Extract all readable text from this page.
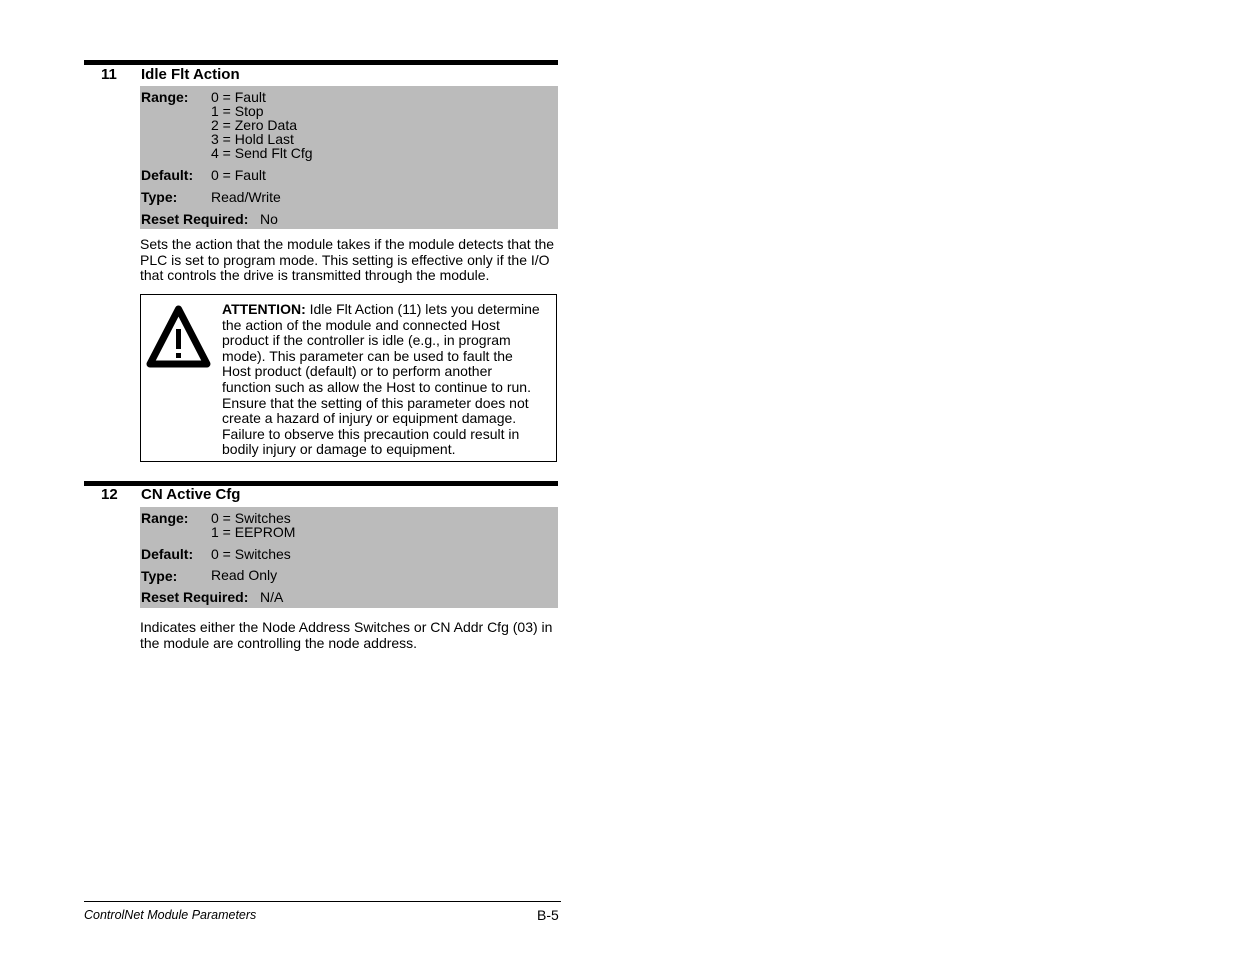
11 Idle Flt Action
Range: 0 = Fault
1 = Stop
2 = Zero Data
3 = Hold Last
4 = Send Flt Cfg
Default: 0 = Fault
Type: Read/Write
Reset Required: No
Sets the action that the module takes if the module detects that the PLC is set to program mode. This setting is effective only if the I/O that controls the drive is transmitted through the module.
ATTENTION: Idle Flt Action (11) lets you determine the action of the module and connected Host product if the controller is idle (e.g., in program mode). This parameter can be used to fault the Host product (default) or to perform another function such as allow the Host to continue to run. Ensure that the setting of this parameter does not create a hazard of injury or equipment damage. Failure to observe this precaution could result in bodily injury or damage to equipment.
12 CN Active Cfg
Range: 0 = Switches
1 = EEPROM
Default: 0 = Switches
Type: Read Only
Reset Required: N/A
Indicates either the Node Address Switches or CN Addr Cfg (03) in the module are controlling the node address.
ControlNet Module Parameters	B-5
